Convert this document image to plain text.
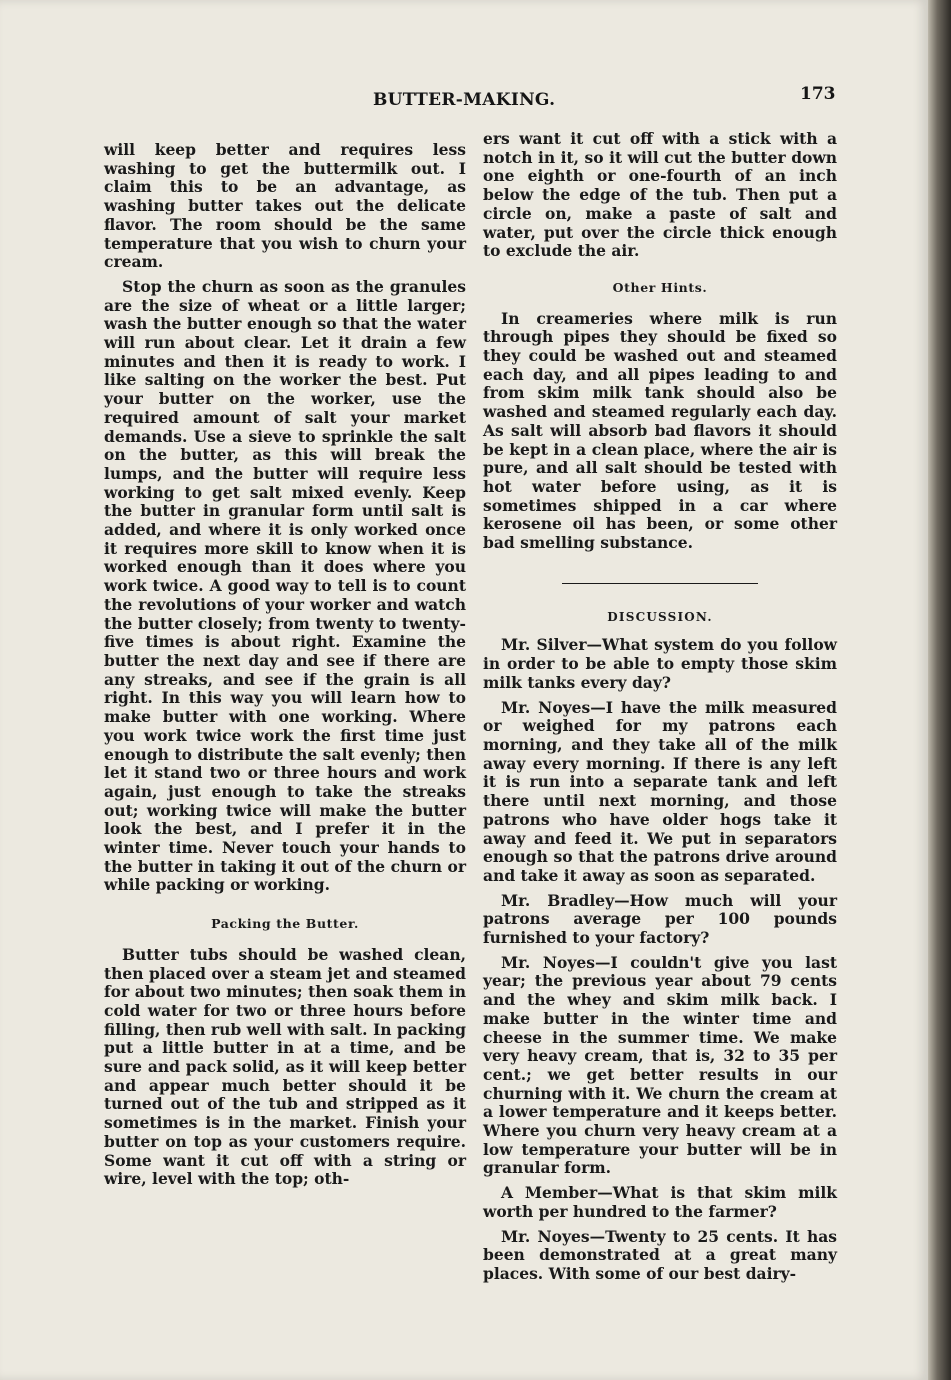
BUTTER-MAKING.	173

will keep better and requires less washing to get the buttermilk out. I claim this to be an advantage, as washing butter takes out the delicate flavor. The room should be the same temperature that you wish to churn your cream.

Stop the churn as soon as the granules are the size of wheat or a little larger; wash the butter enough so that the water will run about clear. Let it drain a few minutes and then it is ready to work. I like salting on the worker the best. Put your butter on the worker, use the required amount of salt your market demands. Use a sieve to sprinkle the salt on the butter, as this will break the lumps, and the butter will require less working to get salt mixed evenly. Keep the butter in granular form until salt is added, and where it is only worked once it requires more skill to know when it is worked enough than it does where you work twice. A good way to tell is to count the revolutions of your worker and watch the butter closely; from twenty to twenty-five times is about right. Examine the butter the next day and see if there are any streaks, and see if the grain is all right. In this way you will learn how to make butter with one working. Where you work twice work the first time just enough to distribute the salt evenly; then let it stand two or three hours and work again, just enough to take the streaks out; working twice will make the butter look the best, and I prefer it in the winter time. Never touch your hands to the butter in taking it out of the churn or while packing or working.

Packing the Butter.

Butter tubs should be washed clean, then placed over a steam jet and steamed for about two minutes; then soak them in cold water for two or three hours before filling, then rub well with salt. In packing put a little butter in at a time, and be sure and pack solid, as it will keep better and appear much better should it be turned out of the tub and stripped as it sometimes is in the market. Finish your butter on top as your customers require. Some want it cut off with a string or wire, level with the top; oth-

ers want it cut off with a stick with a notch in it, so it will cut the butter down one eighth or one-fourth of an inch below the edge of the tub. Then put a circle on, make a paste of salt and water, put over the circle thick enough to exclude the air.

Other Hints.

In creameries where milk is run through pipes they should be fixed so they could be washed out and steamed each day, and all pipes leading to and from skim milk tank should also be washed and steamed regularly each day. As salt will absorb bad flavors it should be kept in a clean place, where the air is pure, and all salt should be tested with hot water before using, as it is sometimes shipped in a car where kerosene oil has been, or some other bad smelling substance.

DISCUSSION.

Mr. Silver—What system do you follow in order to be able to empty those skim milk tanks every day?

Mr. Noyes—I have the milk measured or weighed for my patrons each morning, and they take all of the milk away every morning. If there is any left it is run into a separate tank and left there until next morning, and those patrons who have older hogs take it away and feed it. We put in separators enough so that the patrons drive around and take it away as soon as separated.

Mr. Bradley—How much will your patrons average per 100 pounds furnished to your factory?

Mr. Noyes—I couldn't give you last year; the previous year about 79 cents and the whey and skim milk back. I make butter in the winter time and cheese in the summer time. We make very heavy cream, that is, 32 to 35 per cent.; we get better results in our churning with it. We churn the cream at a lower temperature and it keeps better. Where you churn very heavy cream at a low temperature your butter will be in granular form.

A Member—What is that skim milk worth per hundred to the farmer?

Mr. Noyes—Twenty to 25 cents. It has been demonstrated at a great many places. With some of our best dairy-
